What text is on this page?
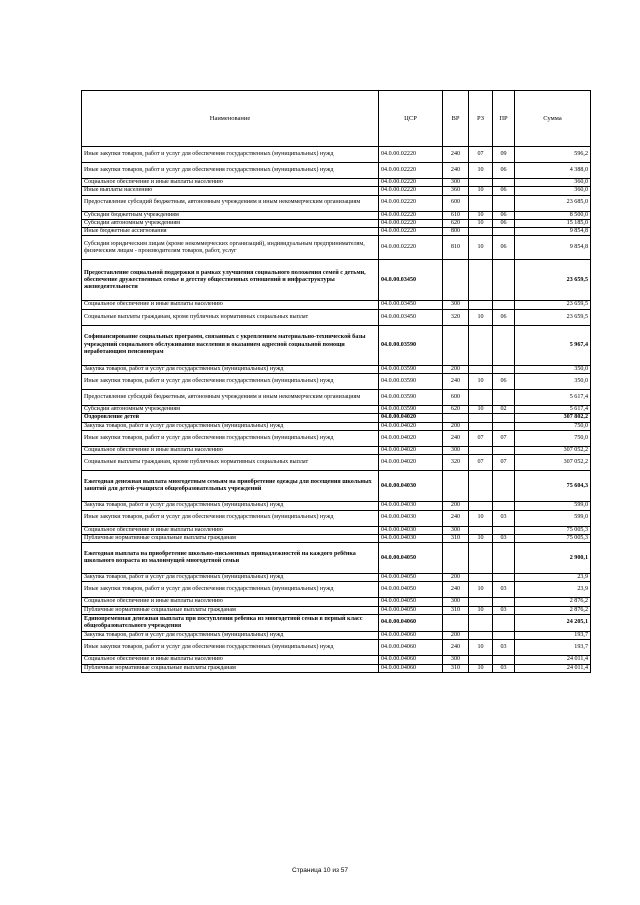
Наименование	ЦСР	ВР	РЗ	ПР	Сумма
Иные закупки товаров, работ и услуг для обеспечения государственных (муниципальных) нужд	04.0.00.02220	240	07	09	596,2
Иные закупки товаров, работ и услуг для обеспечения государственных (муниципальных) нужд	04.0.00.02220	240	10	06	4 388,0
Социальное обеспечение и иные выплаты населению	04.0.00.02220	300			360,0
Иные выплаты населению	04.0.00.02220	360	10	06	360,0
Предоставление субсидий бюджетным, автономным учреждениям и иным некоммерческим организациям	04.0.00.02220	600			23 685,0
Субсидии бюджетным учреждениям	04.0.00.02220	610	10	06	8 500,0
Субсидии автономным учреждениям	04.0.00.02220	620	10	06	15 185,0
Иные бюджетные ассигнования	04.0.00.02220	800			9 854,8
Субсидии юридическим лицам (кроме некоммерческих организаций), индивидуальным предпринимателям, физическим лицам - производителям товаров, работ, услуг	04.0.00.02220	810	10	06	9 854,8
Предоставление социальной поддержки в рамках улучшения социального положения семей с детьми, обеспечение дружественных семье и детству общественных отношений и инфраструктуры жизнедеятельности	04.0.00.03450				23 659,5
Социальное обеспечение и иные выплаты населению	04.0.00.03450	300			23 659,5
Социальные выплаты гражданам, кроме публичных нормативных социальных выплат	04.0.00.03450	320	10	06	23 659,5
Софинансирование социальных программ, связанных с укреплением материально-технической базы учреждений социального обслуживания населения и оказанием адресной социальной помощи неработающим пенсионерам	04.0.00.03590				5 967,4
Закупка товаров, работ и услуг для государственных (муниципальных) нужд	04.0.00.03590	200			350,0
Иные закупки товаров, работ и услуг для обеспечения государственных (муниципальных) нужд	04.0.00.03590	240	10	06	350,0
Предоставление субсидий бюджетным, автономным учреждениям и иным некоммерческим организациям	04.0.00.03590	600			5 617,4
Субсидии автономным учреждениям	04.0.00.03590	620	10	02	5 617,4
Оздоровление детей	04.0.00.04020				307 802,2
Закупка товаров, работ и услуг для государственных (муниципальных) нужд	04.0.00.04020	200			750,0
Иные закупки товаров, работ и услуг для обеспечения государственных (муниципальных) нужд	04.0.00.04020	240	07	07	750,0
Социальное обеспечение и иные выплаты населению	04.0.00.04020	300			307 052,2
Социальные выплаты гражданам, кроме публичных нормативных социальных выплат	04.0.00.04020	320	07	07	307 052,2
Ежегодная денежная выплата многодетным семьям на приобретение одежды для посещения школьных занятий для детей-учащихся общеобразовательных учреждений	04.0.00.04030				75 604,3
Закупка товаров, работ и услуг для государственных (муниципальных) нужд	04.0.00.04030	200			599,0
Иные закупки товаров, работ и услуг для обеспечения государственных (муниципальных) нужд	04.0.00.04030	240	10	03	599,0
Социальное обеспечение и иные выплаты населению	04.0.00.04030	300			75 005,3
Публичные нормативные социальные выплаты гражданам	04.0.00.04030	310	10	03	75 005,3
Ежегодная выплата на приобретение школьно-письменных принадлежностей на каждого ребёнка школьного возраста из малоимущей многодетной семьи	04.0.00.04050				2 900,1
Закупка товаров, работ и услуг для государственных (муниципальных) нужд	04.0.00.04050	200			23,9
Иные закупки товаров, работ и услуг для обеспечения государственных (муниципальных) нужд	04.0.00.04050	240	10	03	23,9
Социальное обеспечение и иные выплаты населению	04.0.00.04050	300			2 876,2
Публичные нормативные социальные выплаты гражданам	04.0.00.04050	310	10	03	2 876,2
Единовременная денежная выплата при поступлении ребенка из многодетной семьи в первый класс общеобразовательного учреждения	04.0.00.04060				24 205,1
Закупка товаров, работ и услуг для государственных (муниципальных) нужд	04.0.00.04060	200			193,7
Иные закупки товаров, работ и услуг для обеспечения государственных (муниципальных) нужд	04.0.00.04060	240	10	03	193,7
Социальное обеспечение и иные выплаты населению	04.0.00.04060	300			24 011,4
Публичные нормативные социальные выплаты гражданам	04.0.00.04060	310	10	03	24 011,4
Страница 10 из 57
